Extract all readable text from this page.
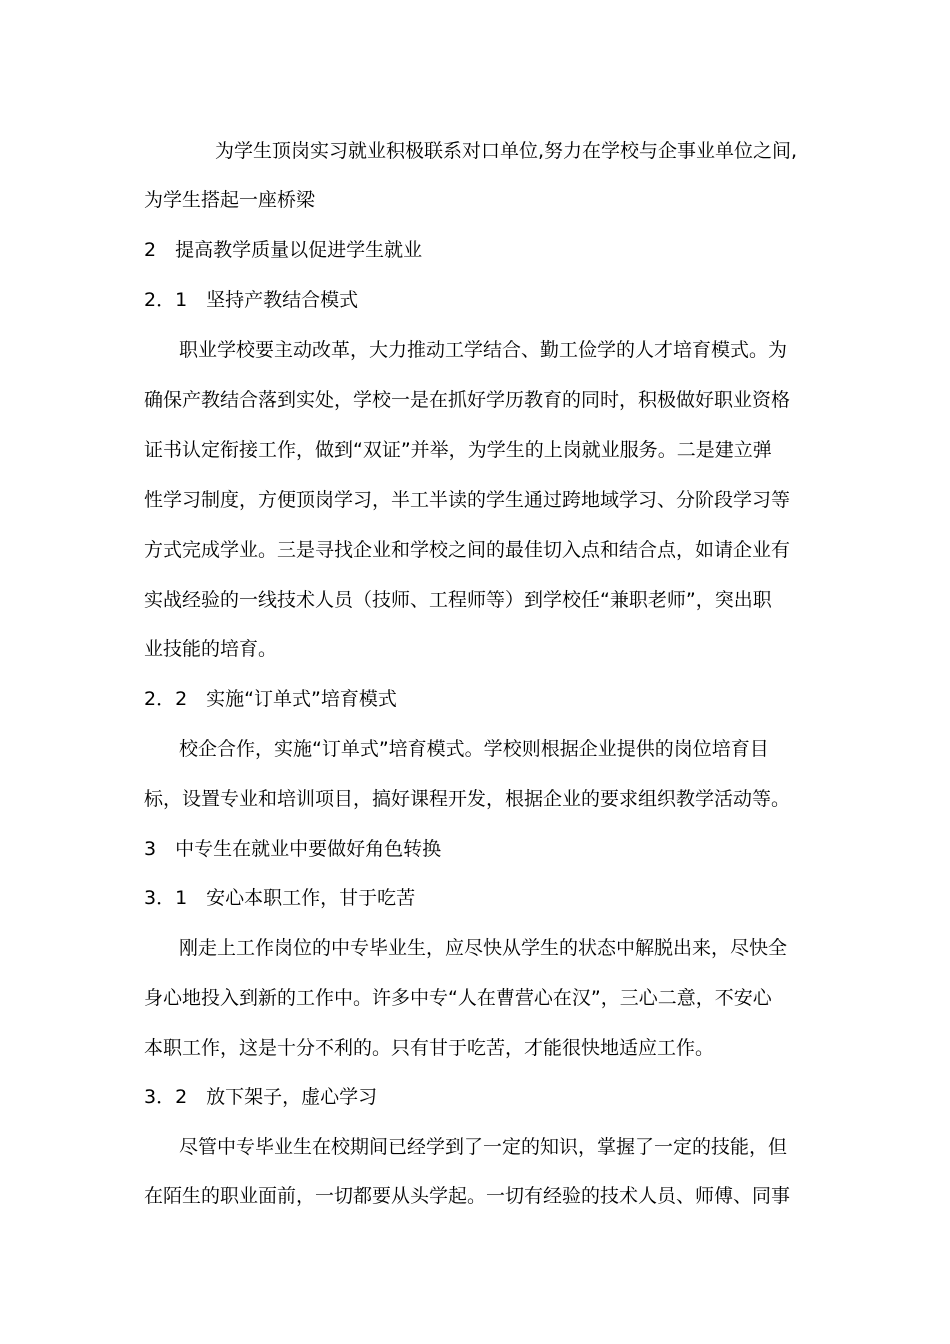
为学生顶岗实习就业积极联系对口单位,努力在学校与企事业单位之间,
为学生搭起一座桥梁
2　提高教学质量以促进学生就业
2．1　坚持产教结合模式
职业学校要主动改革，大力推动工学结合、勤工俭学的人才培育模式。为
确保产教结合落到实处，学校一是在抓好学历教育的同时，积极做好职业资格
证书认定衔接工作，做到“双证”并举，为学生的上岗就业服务。二是建立弹
性学习制度，方便顶岗学习，半工半读的学生通过跨地域学习、分阶段学习等
方式完成学业。三是寻找企业和学校之间的最佳切入点和结合点，如请企业有
实战经验的一线技术人员（技师、工程师等）到学校任“兼职老师”，突出职
业技能的培育。
2．2　实施“订单式”培育模式
校企合作，实施“订单式”培育模式。学校则根据企业提供的岗位培育目
标，设置专业和培训项目，搞好课程开发，根据企业的要求组织教学活动等。
3　中专生在就业中要做好角色转换
3．1　安心本职工作，甘于吃苦
刚走上工作岗位的中专毕业生，应尽快从学生的状态中解脱出来，尽快全
身心地投入到新的工作中。许多中专“人在曹营心在汉”，三心二意，不安心
本职工作，这是十分不利的。只有甘于吃苦，才能很快地适应工作。
3．2　放下架子，虚心学习
尽管中专毕业生在校期间已经学到了一定的知识，掌握了一定的技能，但
在陌生的职业面前，一切都要从头学起。一切有经验的技术人员、师傅、同事
